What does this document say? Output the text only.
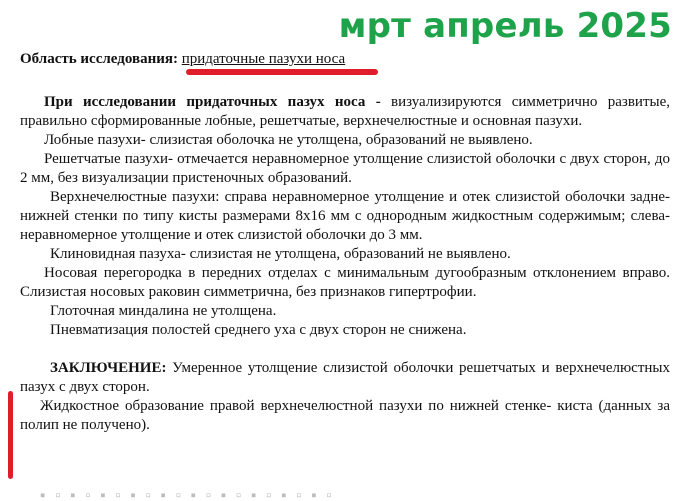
мрт апрель 2025
Область исследования: придаточные пазухи носа

При исследовании придаточных пазух носа - визуализируются симметрично развитые, правильно сформированные лобные, решетчатые, верхнечелюстные и основная пазухи.

Лобные пазухи- слизистая оболочка не утолщена, образований не выявлено.

Решетчатые пазухи- отмечается неравномерное утолщение слизистой оболочки с двух сторон, до 2 мм, без визуализации пристеночных образований.

Верхнечелюстные пазухи: справа неравномерное утолщение и отек слизистой оболочки задне-нижней стенки по типу кисты размерами 8х16 мм с однородным жидкостным содержимым; слева- неравномерное утолщение и отек слизистой оболочки до 3 мм.

Клиновидная пазуха- слизистая не утолщена, образований не выявлено.

Носовая перегородка в передних отделах с минимальным дугообразным отклонением вправо. Слизистая носовых раковин симметрична, без признаков гипертрофии.

Глоточная миндалина не утолщена.

Пневматизация полостей среднего уха с двух сторон не снижена.

ЗАКЛЮЧЕНИЕ: Умеренное утолщение слизистой оболочки решетчатых и верхнечелюстных пазух с двух сторон.

Жидкостное образование правой верхнечелюстной пазухи по нижней стенке- киста (данных за полип не получено).

▪ ▫ ▪ ▫ ▪ ▫ ▪ ▫ ▪ ▫ ▪ ▫ ▪ ▫ ▪ ▫ ▪ ▫ ▪ ▫
